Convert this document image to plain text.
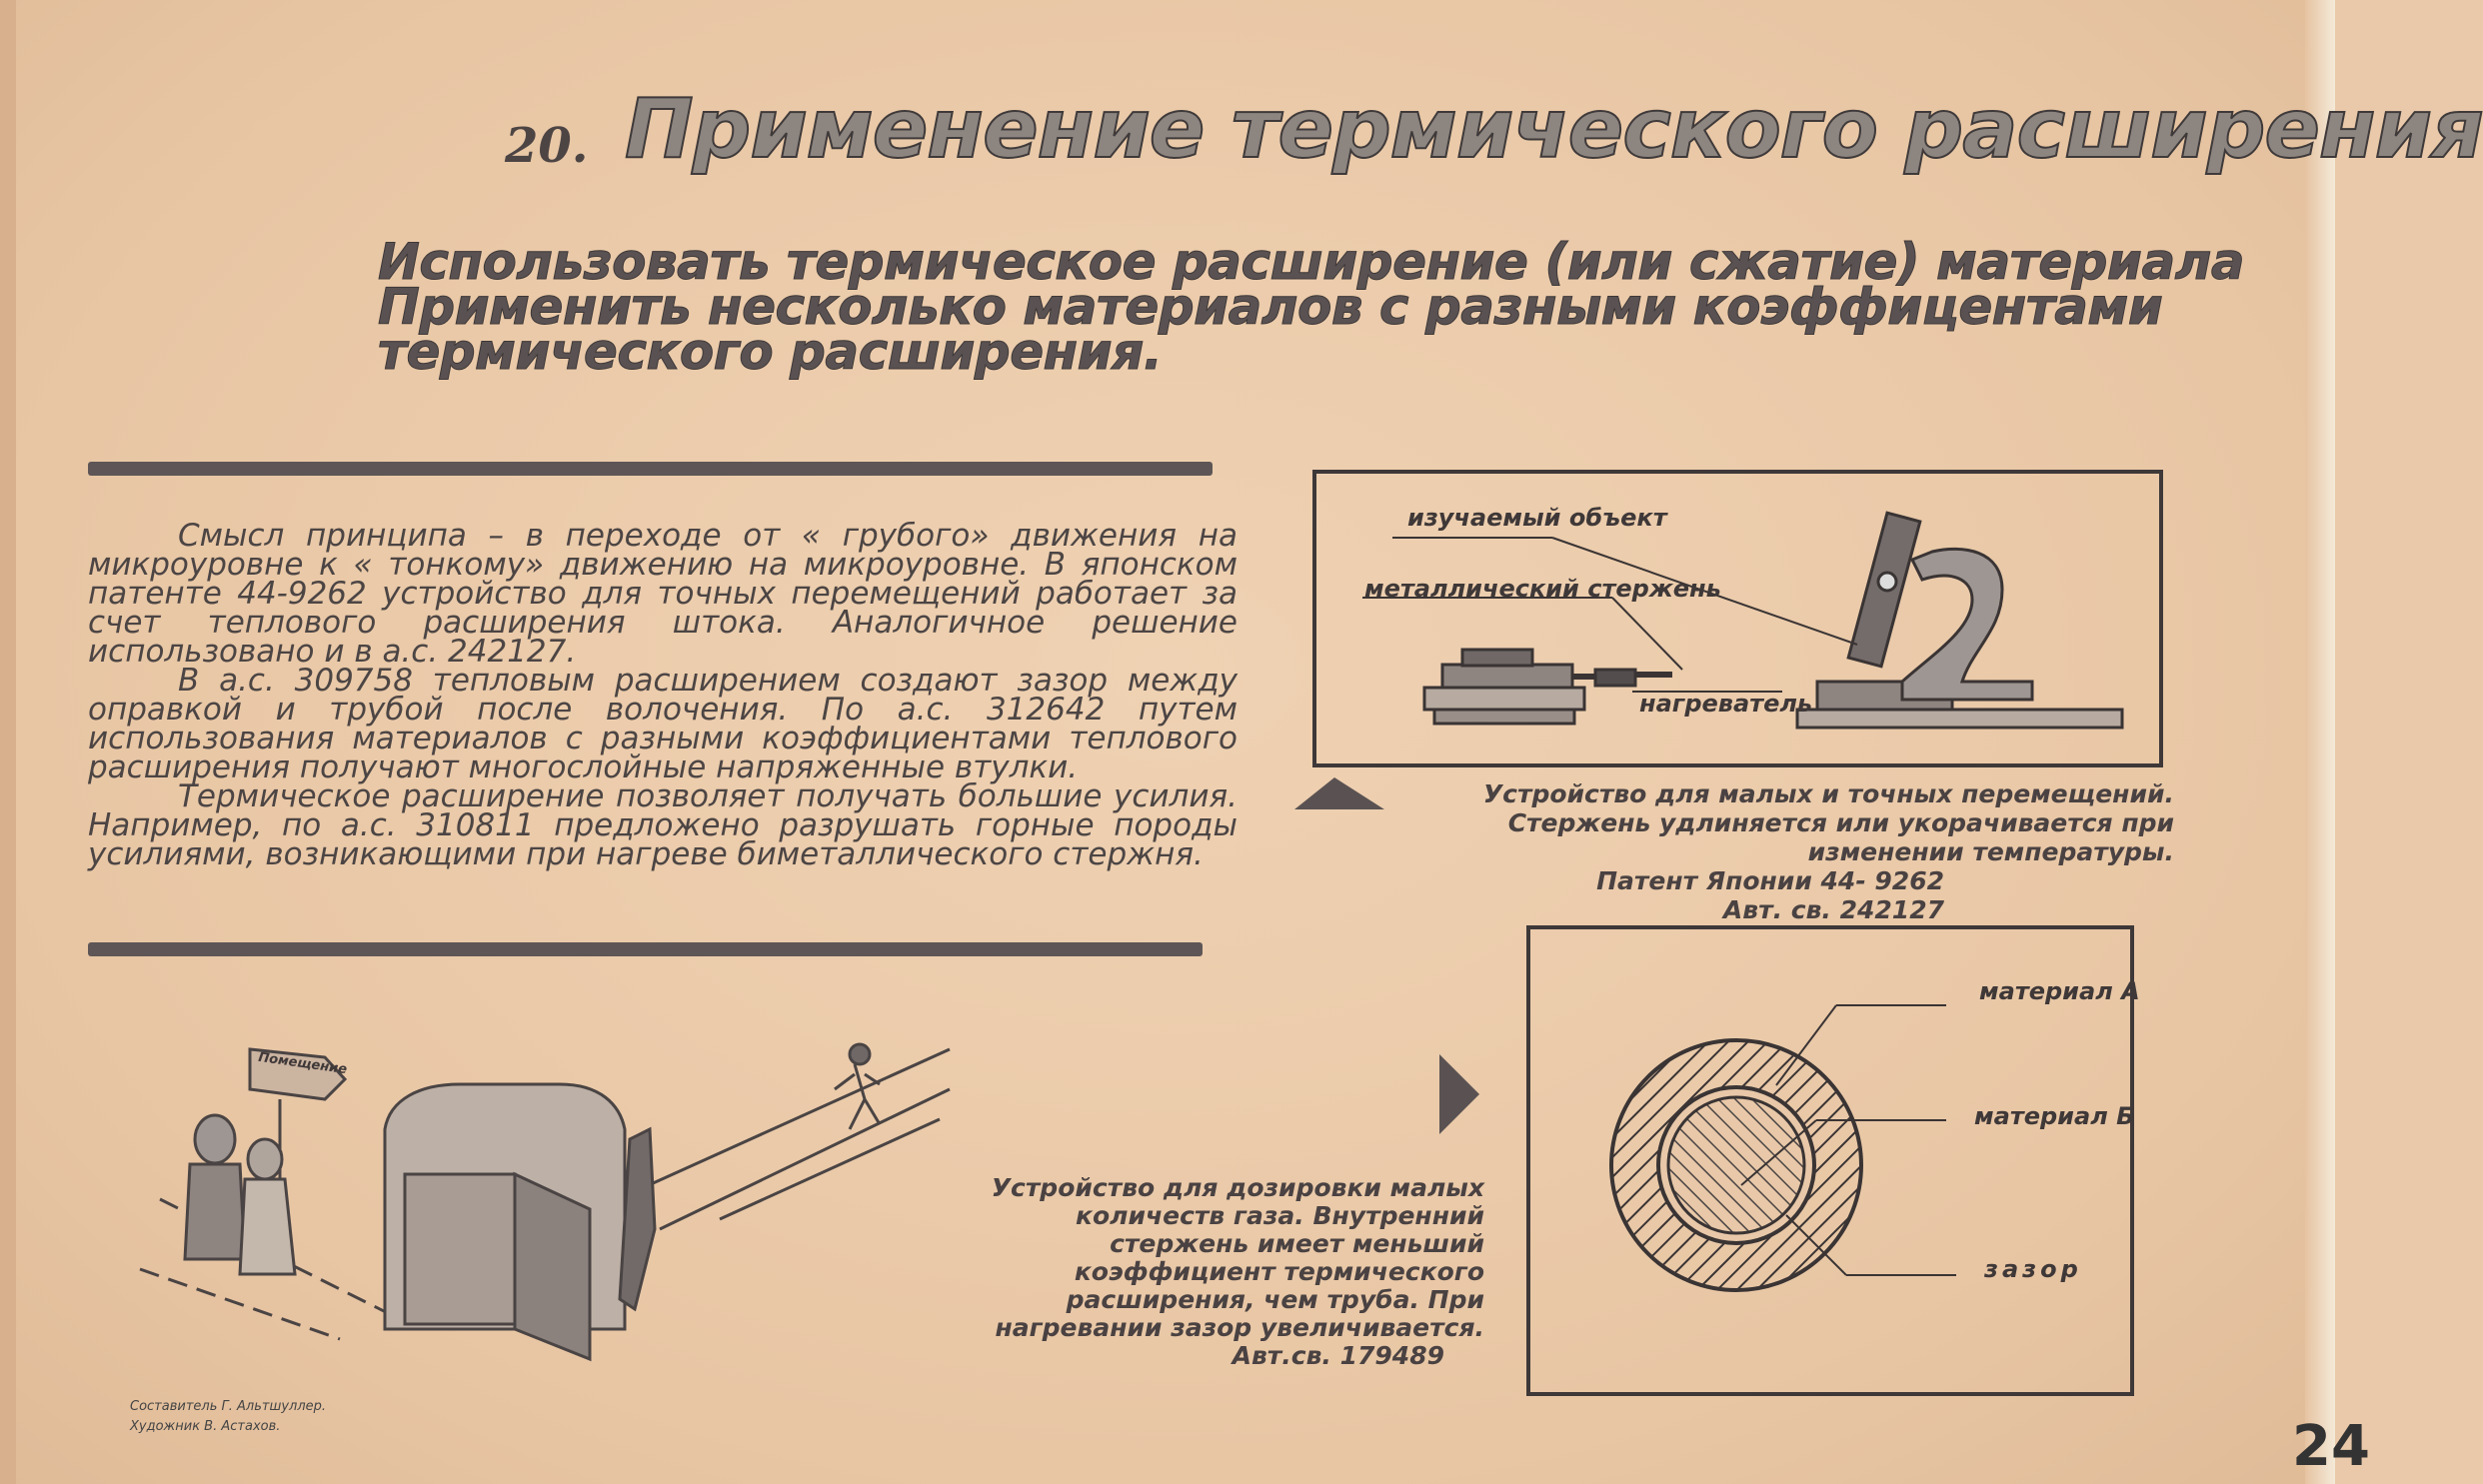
20. Применение термического расширения
Использовать термическое расширение (или сжатие) материала
Применить несколько материалов с разными коэффицентами
термического расширения.

Смысл принципа – в переходе от « грубого» движения на микроуровне к « тонкому» движению на микроуровне. В японском патенте 44-9262 устройство для точных перемещений работает за счет теплового расширения штока. Аналогичное решение использовано и в а.с. 242127.

В а.с. 309758 тепловым расширением создают зазор между оправкой и трубой после волочения. По а.с. 312642 путем использования материалов с разными коэффициентами теплового расширения получают многослойные напряженные втулки.

Термическое расширение позволяет получать большие усилия. Например, по а.с. 310811 предложено разрушать горные породы усилиями, возникающими при нагреве биметаллического стержня.

изучаемый объект
металлический стержень
нагреватель
Устройство для малых и точных перемещений. Стержень удлиняется или укорачивается при изменении температуры.
Патент Японии 44- 9262
Авт. св. 242127
материал А
материал Б
зазор
Устройство для дозировки малых количеств газа. Внутренний стержень имеет меньший коэффициент термического расширения, чем труба. При нагревании зазор увеличивается.
Авт.св. 179489
Помещение
Составитель Г. Альтшуллер.
Художник В. Астахов.	24
